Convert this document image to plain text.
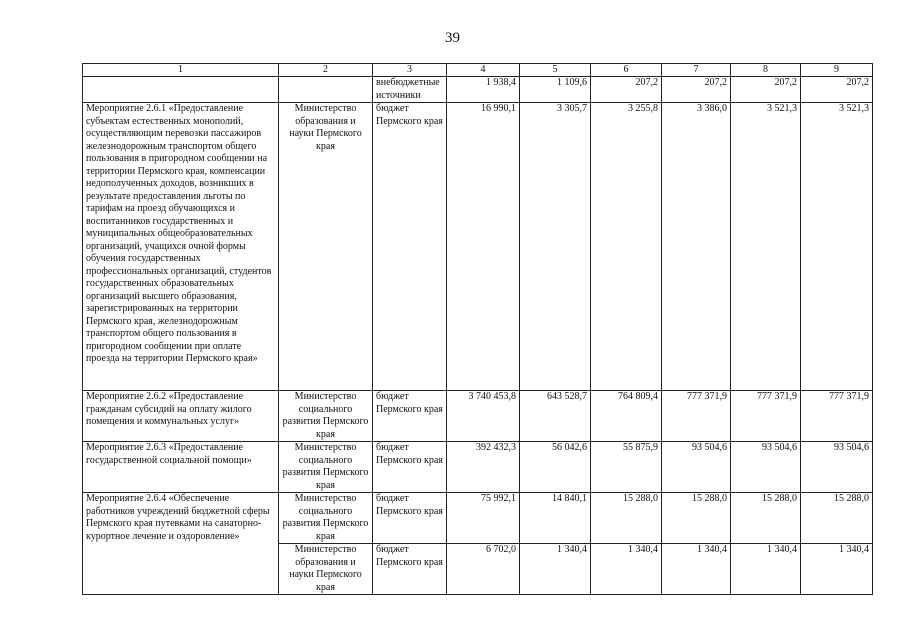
39
1	2	3	4	5	6	7	8	9
		внебюджетные источники	1 938,4	1 109,6	207,2	207,2	207,2	207,2
Мероприятие 2.6.1 «Предоставление субъектам естественных монополий, осуществляющим перевозки пассажиров железнодорожным транспортом общего пользования в пригородном сообщении на территории Пермского края, компенсации недополученных доходов, возникших в результате предоставления льготы по тарифам на проезд обучающихся и воспитанников государственных и муниципальных общеобразовательных организаций, учащихся очной формы обучения государственных профессиональных организаций, студентов государственных образовательных организаций высшего образования, зарегистрированных на территории Пермского края, железнодорожным транспортом общего пользования в пригородном сообщении при оплате проезда на территории Пермского края»	Министерство образования и науки Пермского края	бюджет Пермского края	16 990,1	3 305,7	3 255,8	3 386,0	3 521,3	3 521,3
Мероприятие 2.6.2 «Предоставление гражданам субсидий на оплату жилого помещения и коммунальных услуг»	Министерство социального развития Пермского края	бюджет Пермского края	3 740 453,8	643 528,7	764 809,4	777 371,9	777 371,9	777 371,9
Мероприятие 2.6.3 «Предоставление государственной социальной помощи»	Министерство социального развития Пермского края	бюджет Пермского края	392 432,3	56 042,6	55 875,9	93 504,6	93 504,6	93 504,6
Мероприятие 2.6.4 «Обеспечение работников учреждений бюджетной сферы Пермского края путевками на санаторно-курортное лечение и оздоровление»	Министерство социального развития Пермского края	бюджет Пермского края	75 992,1	14 840,1	15 288,0	15 288,0	15 288,0	15 288,0
	Министерство образования и науки Пермского края	бюджет Пермского края	6 702,0	1 340,4	1 340,4	1 340,4	1 340,4	1 340,4
